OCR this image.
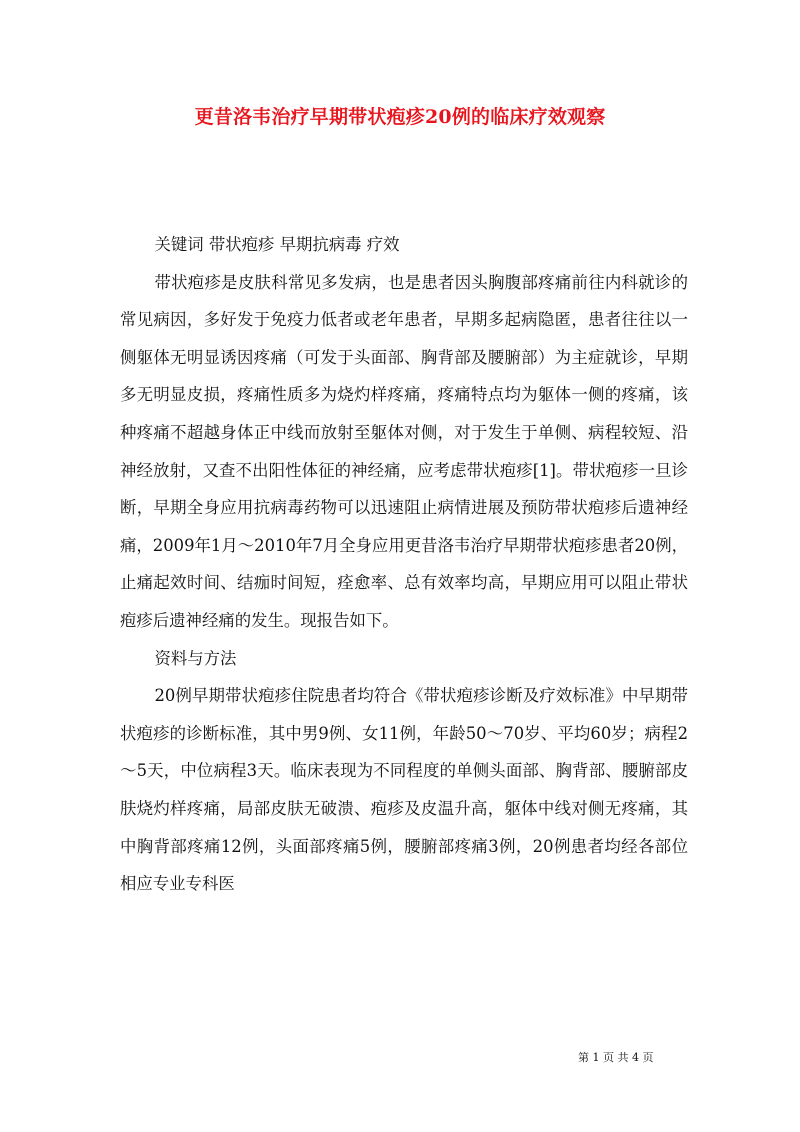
更昔洛韦治疗早期带状疱疹20例的临床疗效观察

关键词 带状疱疹 早期抗病毒 疗效

带状疱疹是皮肤科常见多发病，也是患者因头胸腹部疼痛前往内科就诊的常见病因，多好发于免疫力低者或老年患者，早期多起病隐匿，患者往往以一侧躯体无明显诱因疼痛（可发于头面部、胸背部及腰腑部）为主症就诊，早期多无明显皮损，疼痛性质多为烧灼样疼痛，疼痛特点均为躯体一侧的疼痛，该种疼痛不超越身体正中线而放射至躯体对侧，对于发生于单侧、病程较短、沿神经放射，又查不出阳性体征的神经痛，应考虑带状疱疹[1]。带状疱疹一旦诊断，早期全身应用抗病毒药物可以迅速阻止病情进展及预防带状疱疹后遗神经痛，2009年1月～2010年7月全身应用更昔洛韦治疗早期带状疱疹患者20例，止痛起效时间、结痂时间短，痊愈率、总有效率均高，早期应用可以阻止带状疱疹后遗神经痛的发生。现报告如下。

资料与方法

20例早期带状疱疹住院患者均符合《带状疱疹诊断及疗效标准》中早期带状疱疹的诊断标准，其中男9例、女11例，年龄50～70岁、平均60岁；病程2～5天，中位病程3天。临床表现为不同程度的单侧头面部、胸背部、腰腑部皮肤烧灼样疼痛，局部皮肤无破溃、疱疹及皮温升高，躯体中线对侧无疼痛，其中胸背部疼痛12例，头面部疼痛5例，腰腑部疼痛3例，20例患者均经各部位相应专业专科医

第 1 页 共 4 页
